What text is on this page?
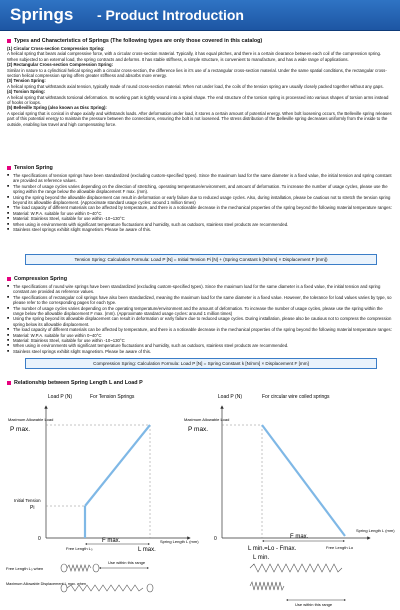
Springs - Product Introduction
Types and Characteristics of Springs (The following types are only those covered in this catalog)

(1) Circular Cross-section Compression Spring:

A helical spring that bears axial compressive force, with a circular cross-section material. Typically, it has equal pitches, and there is a certain clearance between each coil of the compression spring. When subjected to an external load, the spring contracts and deforms. It has stable stiffness, a simple structure, is convenient to manufacture, and has a wide range of applications.

(2) Rectangular Cross-section Compression Spring:

Similar in nature to a cylindrical helical spring with a circular cross-section, the difference lies in it's use of a rectangular cross-section material. Under the same spatial conditions, the rectangular cross-section helical compression spring offers greater stiffness and absorbs more energy.

(3) Tension Spring:

A helical spring that withstands axial tension, typically made of round cross-section material. When not under load, the coils of the tension spring are usually closely packed together without any gaps.

(4) Torsion Spring:

A helical spring that withstands torsional deformation. Its working part is tightly wound into a spiral shape. The end structure of the torsion spring is processed into various shapes of torsion arms instead of hooks or loops.

(5) Belleville Spring (also known as Disc Spring):

A special spring that is conical in shape axially and withstands loads. After deformation under load, it stores a certain amount of potential energy. When bolt loosening occurs, the Belleville spring releases part of this potential energy to maintain the pressure between the connections, ensuring the bolt is not loosened. The stress distribution of the Belleville spring decreases uniformly from the inside to the outside, enabling low travel and high compensating force.

Tension Spring
■ The specifications of tension springs have been standardized (excluding custom-specified types). Since the maximum load for the same diameter is a fixed value, the initial tension and spring constant are provided as reference values.
■ The number of usage cycles varies depending on the direction of stretching, operating temperature/environment, and amount of deformation. To increase the number of usage cycles, please use the spring within the range below the allowable displacement F max. (mm).
■ Using the spring beyond the allowable displacement can result in deformation or early failure due to reduced usage cycles. Also, during installation, please be cautious not to stretch the tension spring beyond its allowable displacement. (Approximate standard usage cycles: around 1 million times)
■ The load capacity of different materials can be affected by temperature, and there is a noticeable decrease in the mechanical properties of the spring beyond the following material temperature ranges:
■ Material: W.P.A. suitable for use within 0~40°C
■ Material: Stainless Steel, suitable for use within -10~130°C
■ When using in environments with significant temperature fluctuations and humidity, such as outdoors, stainless steel products are recommended.
■ Stainless steel springs exhibit slight magnetism. Please be aware of this.
Tension Spring: Calculation Formula: Load P [N] = Initial Tension Pi [N] + (Spring Constant k [N/mm] × Displacement F [mm])
Compression Spring
■ The specifications of round wire springs have been standardized (excluding custom-specified types). Since the maximum load for the same diameter is a fixed value, the initial tension and spring constant are provided as reference values.
■ The specifications of rectangular coil springs have also been standardized, meaning the maximum load for the same diameter is a fixed value. However, the tolerance for load values varies by type, so please refer to the corresponding pages for each type.
■ The number of usage cycles varies depending on the operating temperature/environment and the amount of deformation. To increase the number of usage cycles, please use the spring within the range below the allowable displacement F max. (mm). (Approximate standard usage cycles: around 1 million times)
■ Using the spring beyond its allowable displacement can result in deformation or early failure due to reduced usage cycles. During installation, please also be cautious not to compress the compression spring below its allowable displacement.
■ The load capacity of different materials can be affected by temperature, and there is a noticeable decrease in the mechanical properties of the spring beyond the following material temperature ranges:
■ Material: W.P.A. suitable for use within 0~40°C
■ Material: Stainless Steel, suitable for use within -10~130°C
■ When using in environments with significant temperature fluctuations and humidity, such as outdoors, stainless steel products are recommended.
■ Stainless steel springs exhibit slight magnetism. Please be aware of this.
Compression Spring: Calculation Formula: Load P [N] = Spring Constant k [N/mm] × Displacement F [mm]
Relationship between Spring Length L and Load P
For Tension Springs
Load P (N)
Maximum Allowable Load
P max.
Initial Tension
Pi
0
Free Length L₀
F max.
L max.
Spring Length L (mm)
Free Length L₀ when
Use within this range
Maximum Allowable Displacement L max. when
For circular wire coiled springs
Load P (N)
Maximum Allowable Load
P max.
0	F max.
L min.=Lo - Fmax.
L min.
Free Length Lo
Spring Length L (mm)
Use within this range
